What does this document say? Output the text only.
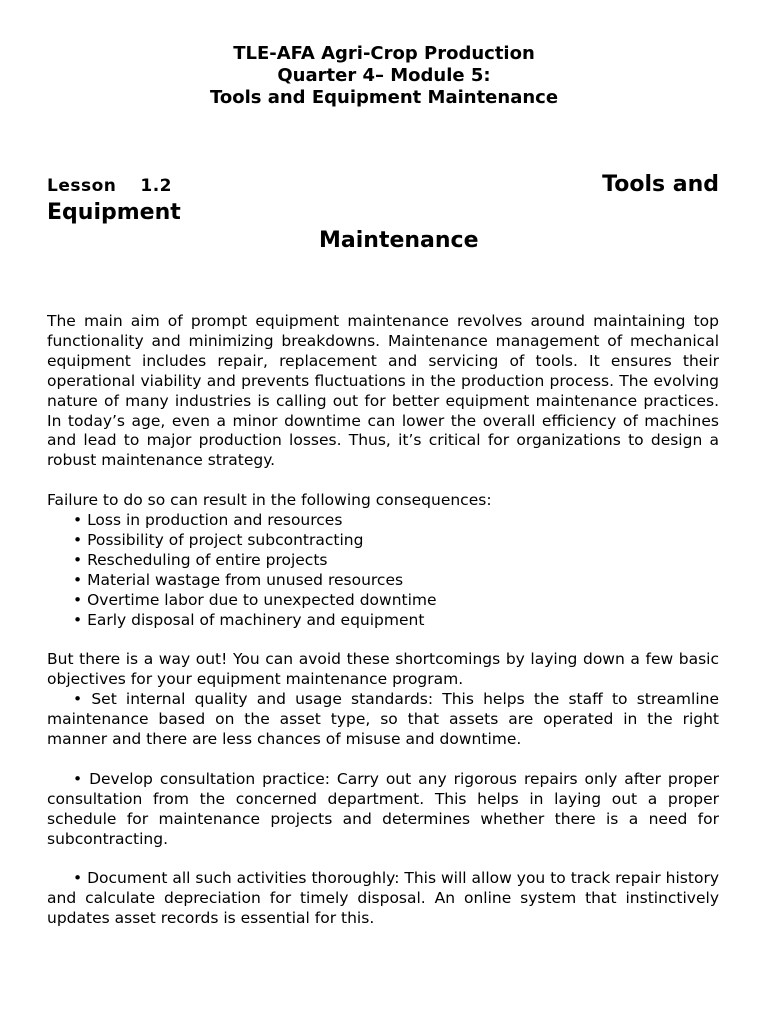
TLE-AFA Agri-Crop Production
Quarter 4– Module 5:
Tools and Equipment Maintenance
Lesson 1.2	Tools and
Equipment
Maintenance

The main aim of prompt equipment maintenance revolves around maintaining top functionality and minimizing breakdowns. Maintenance management of mechanical equipment includes repair, replacement and servicing of tools. It ensures their operational viability and prevents fluctuations in the production process. The evolving nature of many industries is calling out for better equipment maintenance practices. In today’s age, even a minor downtime can lower the overall efficiency of machines and lead to major production losses. Thus, it’s critical for organizations to design a robust maintenance strategy.

Failure to do so can result in the following consequences:

• Loss in production and resources
• Possibility of project subcontracting
• Rescheduling of entire projects
• Material wastage from unused resources
• Overtime labor due to unexpected downtime
• Early disposal of machinery and equipment

But there is a way out! You can avoid these shortcomings by laying down a few basic objectives for your equipment maintenance program.

• Set internal quality and usage standards: This helps the staff to streamline maintenance based on the asset type, so that assets are operated in the right manner and there are less chances of misuse and downtime.

• Develop consultation practice: Carry out any rigorous repairs only after proper consultation from the concerned department. This helps in laying out a proper schedule for maintenance projects and determines whether there is a need for subcontracting.

• Document all such activities thoroughly: This will allow you to track repair history and calculate depreciation for timely disposal. An online system that instinctively updates asset records is essential for this.
